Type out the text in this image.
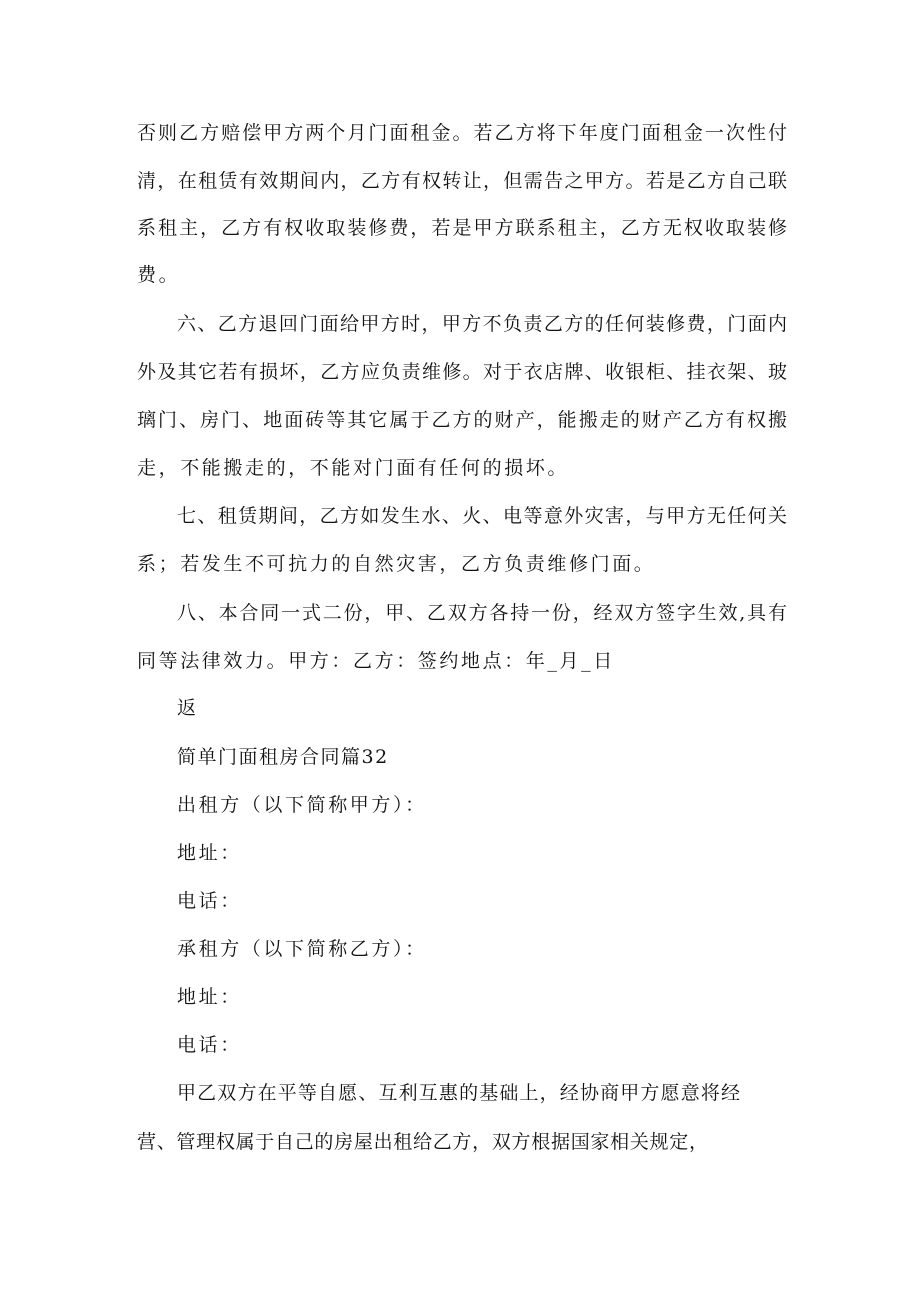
否则乙方赔偿甲方两个月门面租金。若乙方将下年度门面租金一次性付
清，在租赁有效期间内，乙方有权转让，但需告之甲方。若是乙方自己联
系租主，乙方有权收取装修费，若是甲方联系租主，乙方无权收取装修
费。
六、乙方退回门面给甲方时，甲方不负责乙方的任何装修费，门面内
外及其它若有损坏，乙方应负责维修。对于衣店牌、收银柜、挂衣架、玻
璃门、房门、地面砖等其它属于乙方的财产，能搬走的财产乙方有权搬
走，不能搬走的，不能对门面有任何的损坏。
七、租赁期间，乙方如发生水、火、电等意外灾害，与甲方无任何关
系；若发生不可抗力的自然灾害，乙方负责维修门面。
八、本合同一式二份，甲、乙双方各持一份，经双方签字生效,具有
同等法律效力。甲方：乙方：签约地点：年_月_日
返
简单门面租房合同篇32
出租方（以下简称甲方）：
地址：
电话：
承租方（以下简称乙方）：
地址：
电话：
甲乙双方在平等自愿、互利互惠的基础上，经协商甲方愿意将经
营、管理权属于自己的房屋出租给乙方，双方根据国家相关规定，
